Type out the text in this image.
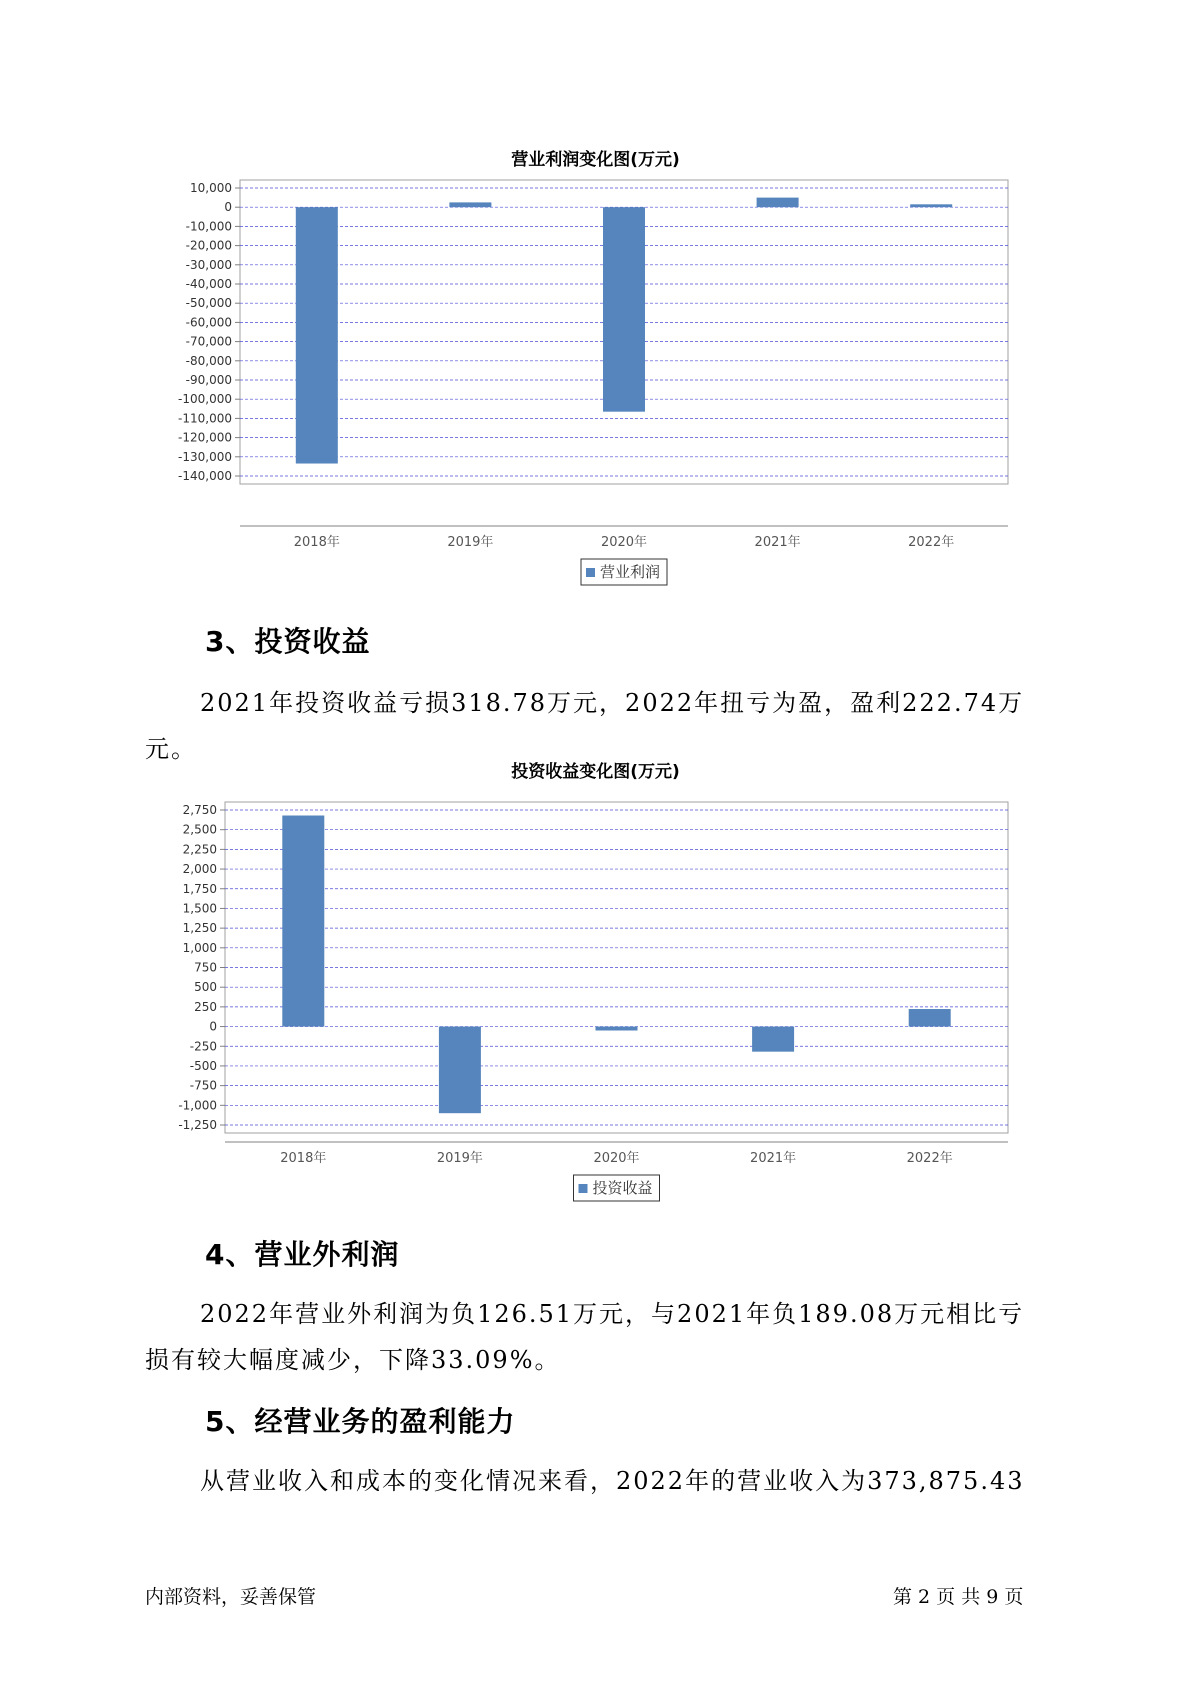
营业利润变化图(万元)
10,000
0
-10,000
-20,000
-30,000
-40,000
-50,000
-60,000
-70,000
-80,000
-90,000
-100,000
-110,000
-120,000
-130,000
-140,000
2018年	2019年	2020年	2021年	2022年
营业利润
3、投资收益
2021年投资收益亏损318.78万元，2022年扭亏为盈，盈利222.74万元。
投资收益变化图(万元)
2,750
2,500
2,250
2,000
1,750
1,500
1,250
1,000
750
500
250
0
-250
-500
-750
-1,000
-1,250
2018年	2019年	2020年	2021年	2022年
投资收益
4、营业外利润
2022年营业外利润为负126.51万元，与2021年负189.08万元相比亏损有较大幅度减少，下降33.09%。
5、经营业务的盈利能力
从营业收入和成本的变化情况来看，2022年的营业收入为373,875.43
内部资料，妥善保管	第 2 页 共 9 页
